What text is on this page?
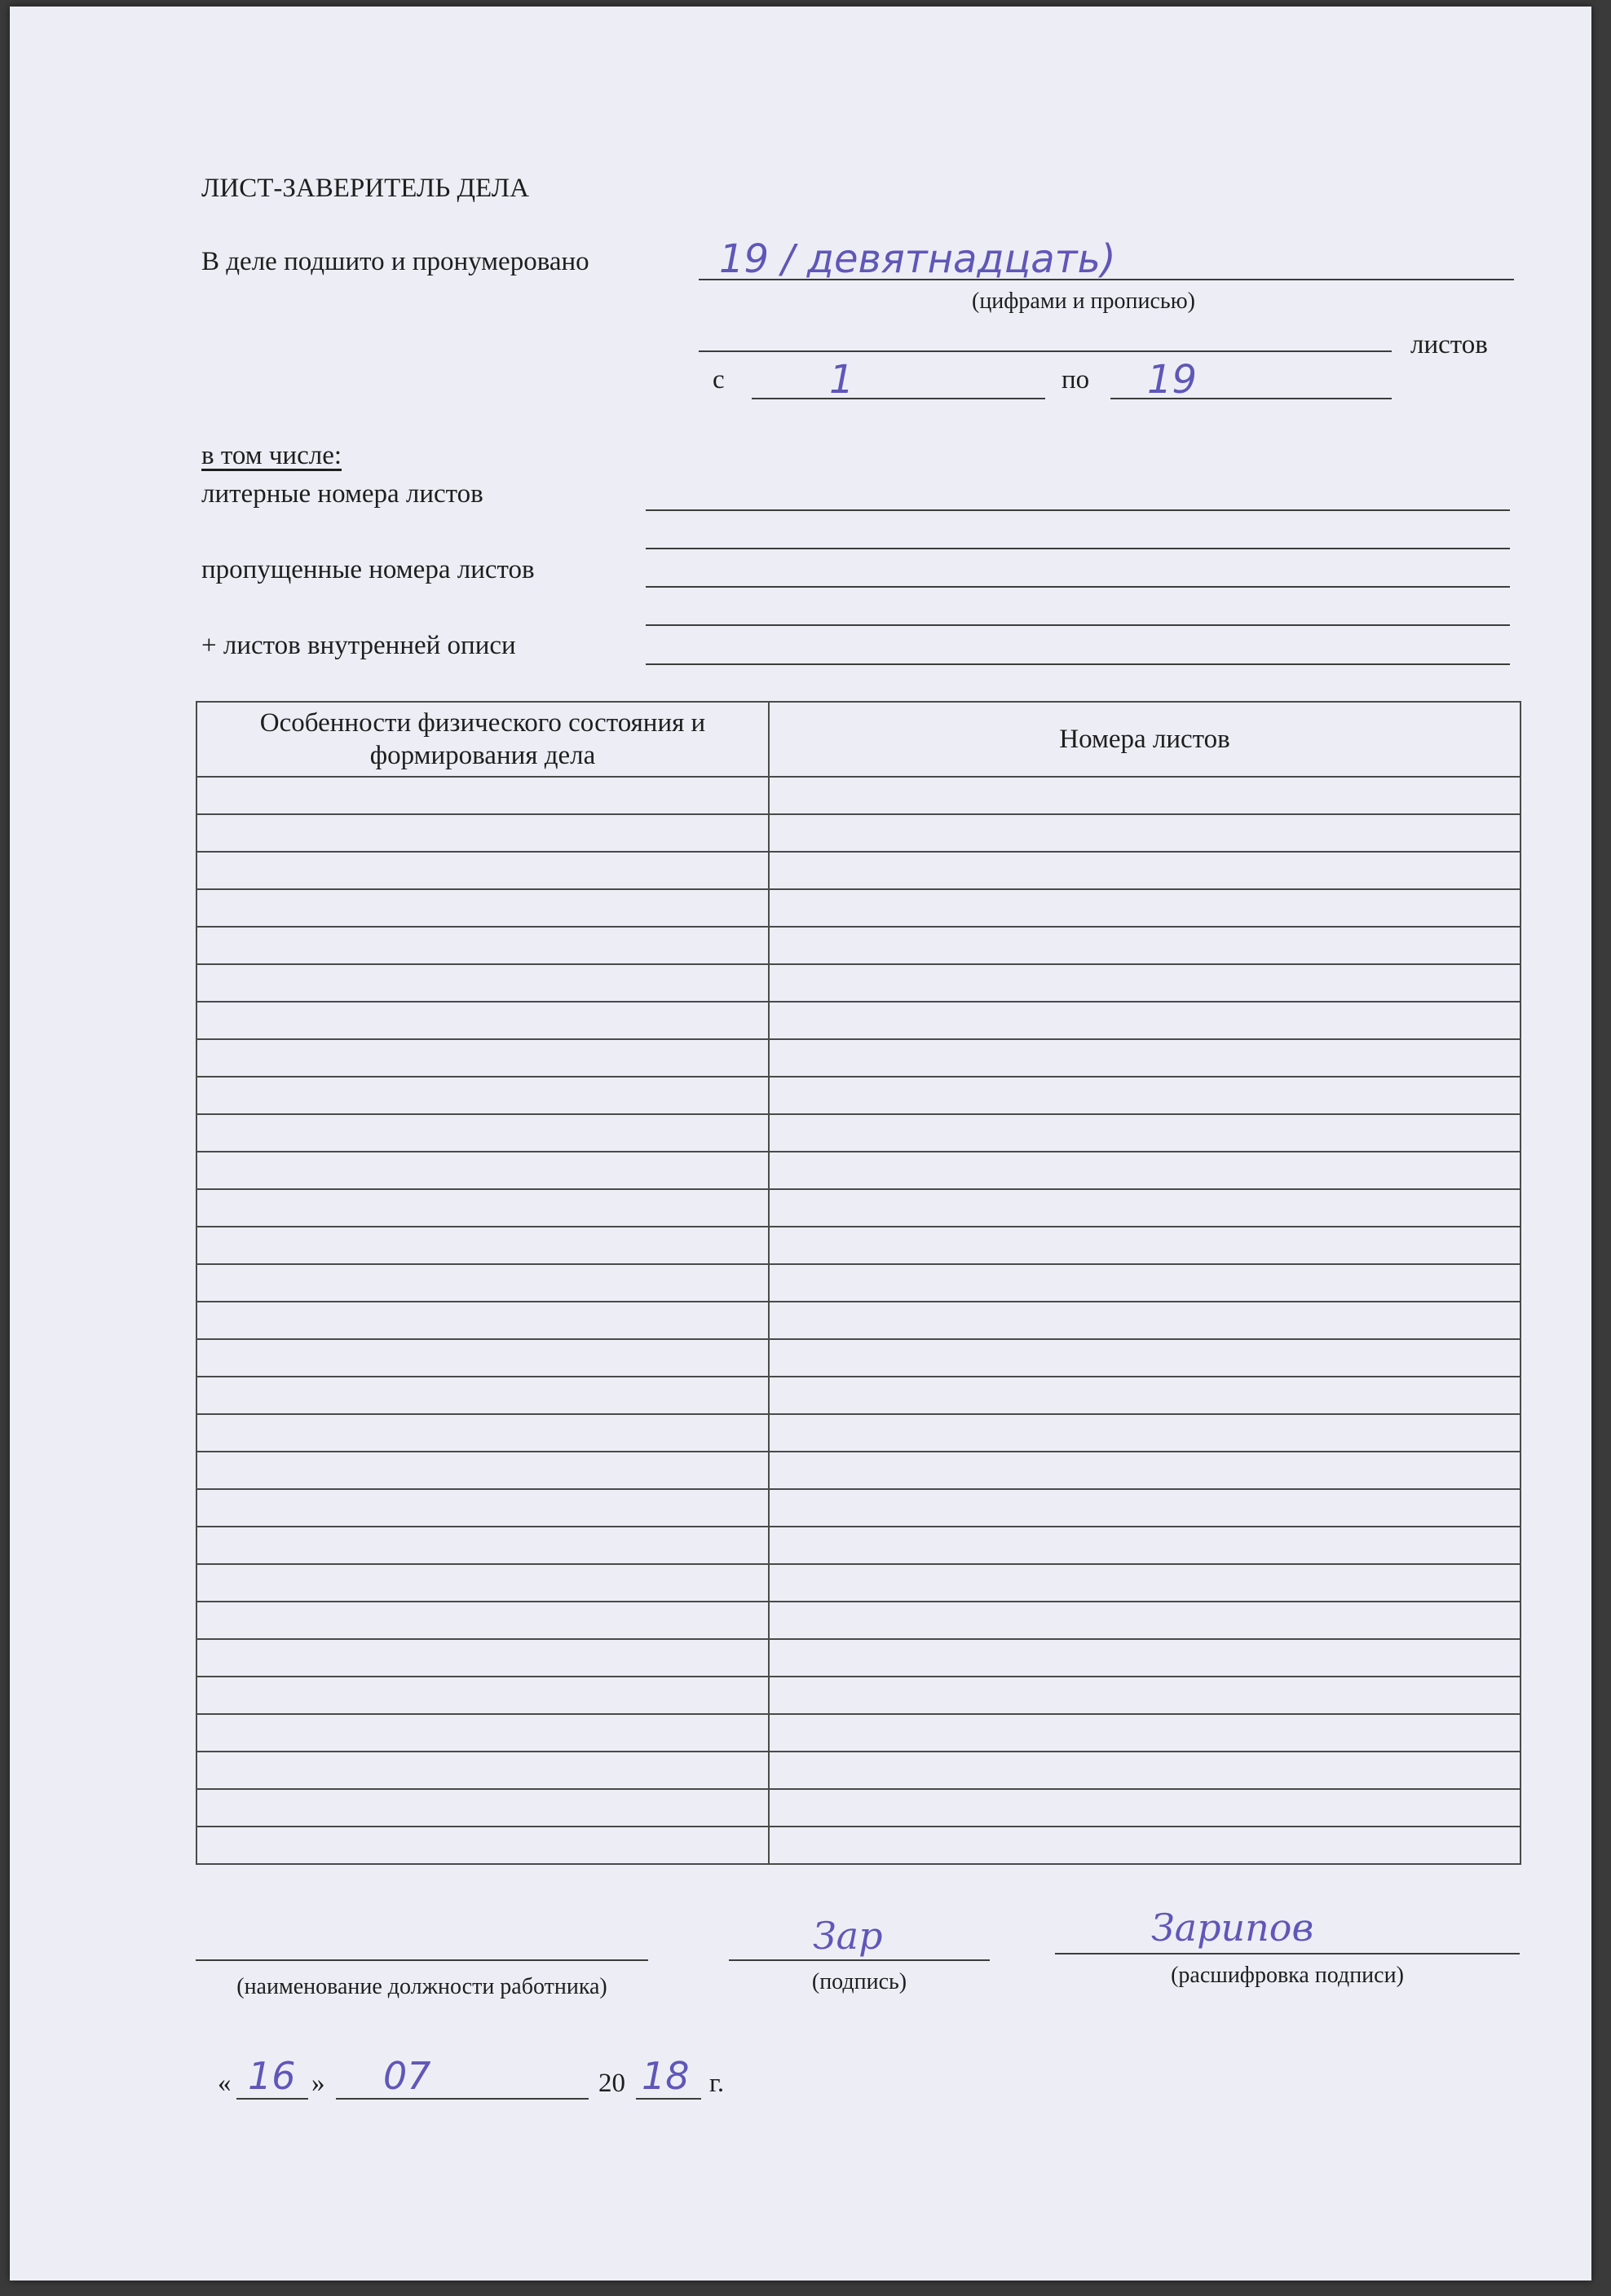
ЛИСТ-ЗАВЕРИТЕЛЬ ДЕЛА
В деле подшито и пронумеровано	19 / девятнадцать)
(цифрами и прописью)
листов
с	1	по 19
в том числе:
литерные номера листов
пропущенные номера листов
+ листов внутренней описи
Особенности физического состояния и формирования дела	Номера листов

(наименование должности работника)
Зар
(подпись)
Зарипов
(расшифровка подписи)
« 16 » 07	20 18 г.
